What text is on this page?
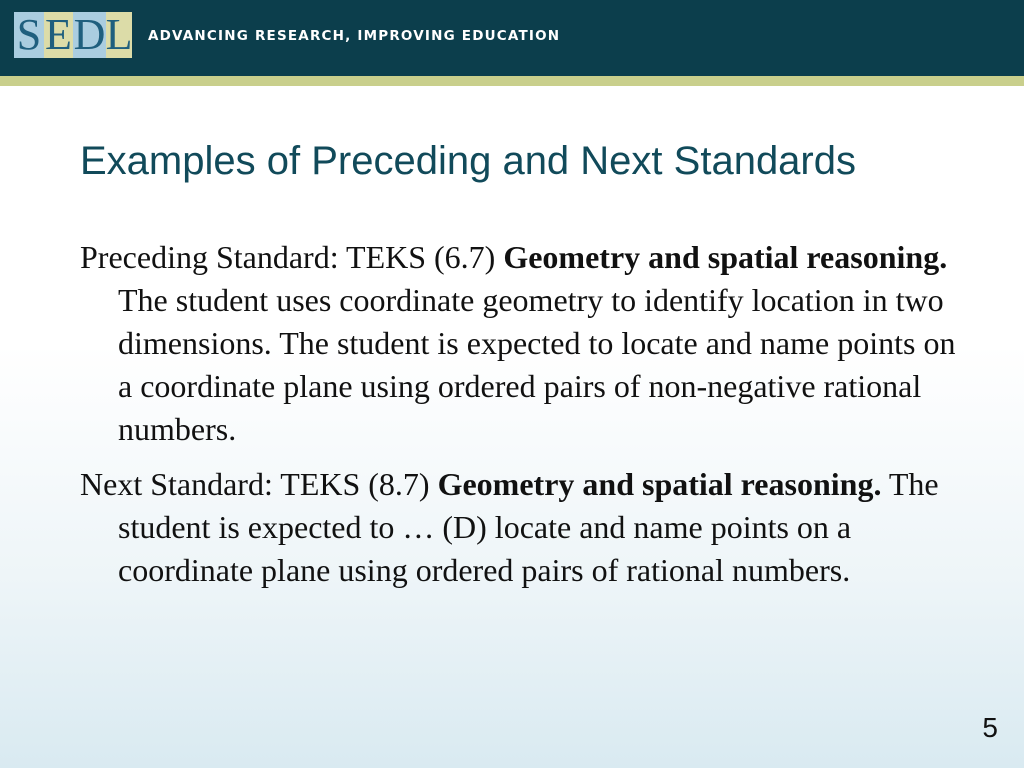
S E D L ADVANCING RESEARCH, IMPROVING EDUCATION
Examples of Preceding and Next Standards

Preceding Standard: TEKS (6.7) Geometry and spatial reasoning. The student uses coordinate geometry to identify location in two dimensions. The student is expected to locate and name points on a coordinate plane using ordered pairs of non-negative rational numbers.

Next Standard: TEKS (8.7) Geometry and spatial reasoning. The student is expected to … (D) locate and name points on a coordinate plane using ordered pairs of rational numbers.

5
